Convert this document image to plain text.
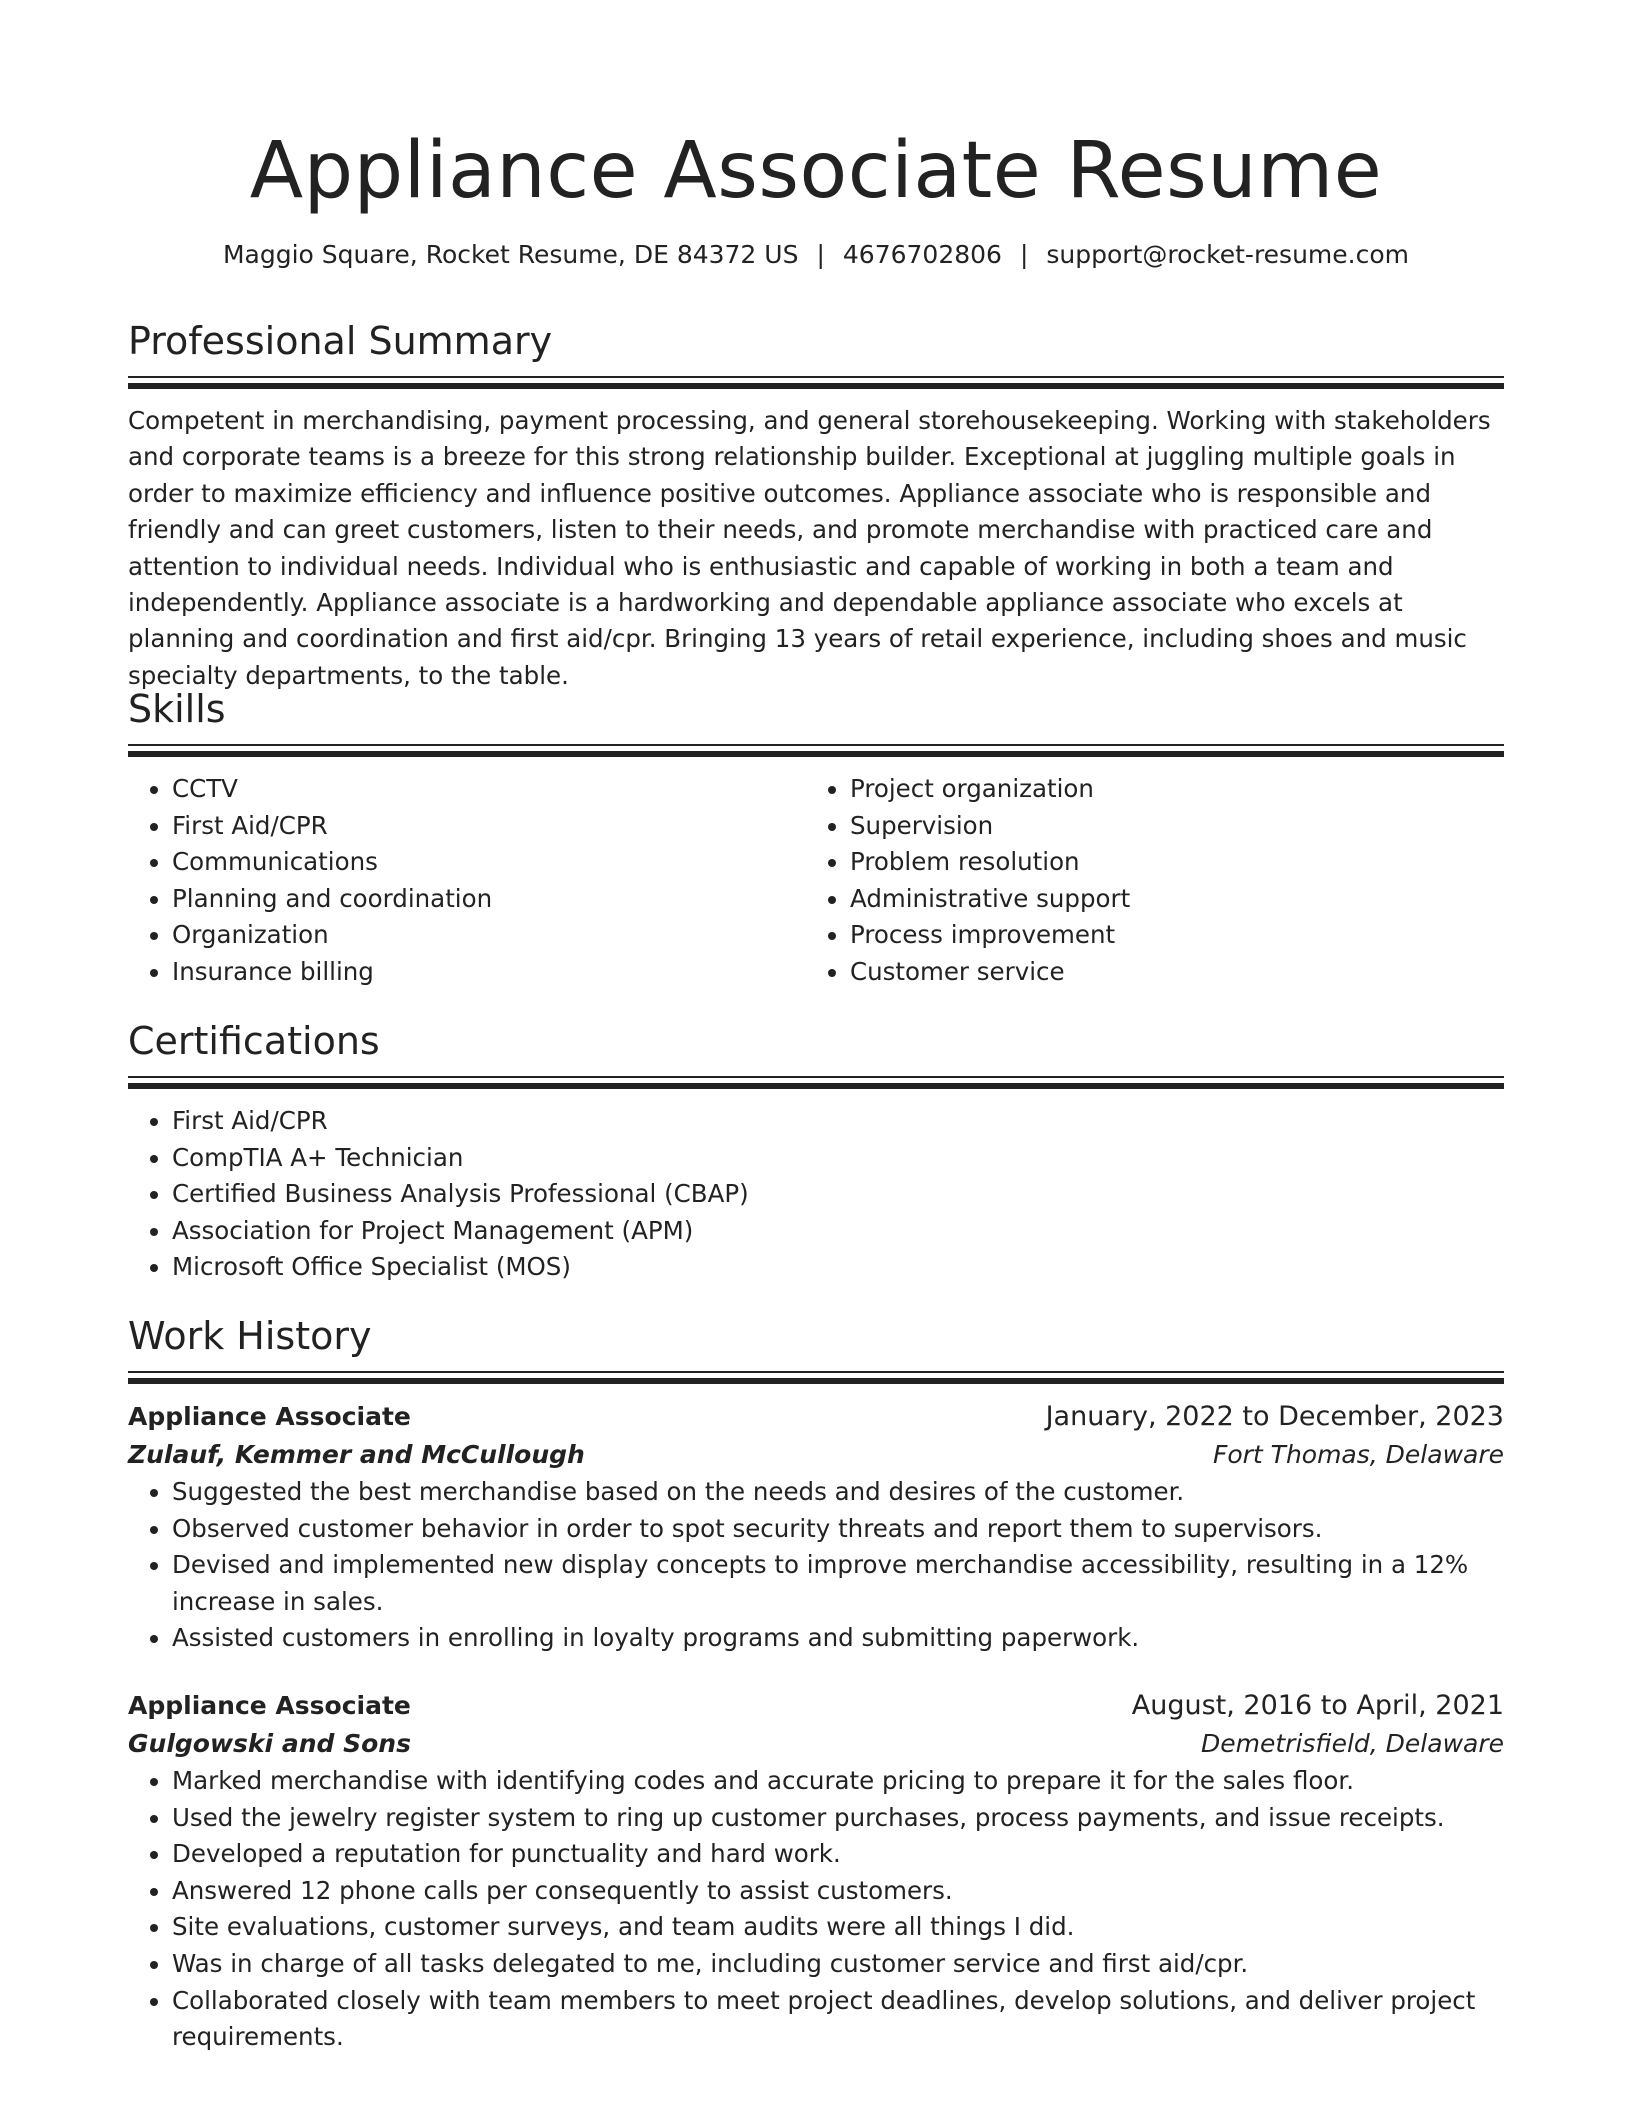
Appliance Associate Resume
Maggio Square, Rocket Resume, DE 84372 US | 4676702806 | support@rocket-resume.com
Professional Summary
Competent in merchandising, payment processing, and general storehousekeeping. Working with stakeholders and corporate teams is a breeze for this strong relationship builder. Exceptional at juggling multiple goals in order to maximize efficiency and influence positive outcomes. Appliance associate who is responsible and friendly and can greet customers, listen to their needs, and promote merchandise with practiced care and attention to individual needs. Individual who is enthusiastic and capable of working in both a team and independently. Appliance associate is a hardworking and dependable appliance associate who excels at planning and coordination and first aid/cpr. Bringing 13 years of retail experience, including shoes and music specialty departments, to the table.
Skills
• CCTV
• First Aid/CPR
• Communications
• Planning and coordination
• Organization
• Insurance billing
• Project organization
• Supervision
• Problem resolution
• Administrative support
• Process improvement
• Customer service
Certifications
• First Aid/CPR
• CompTIA A+ Technician
• Certified Business Analysis Professional (CBAP)
• Association for Project Management (APM)
• Microsoft Office Specialist (MOS)
Work History
Appliance Associate	January, 2022 to December, 2023
Zulauf, Kemmer and McCullough	Fort Thomas, Delaware
• Suggested the best merchandise based on the needs and desires of the customer.
• Observed customer behavior in order to spot security threats and report them to supervisors.
• Devised and implemented new display concepts to improve merchandise accessibility, resulting in a 12% increase in sales.
• Assisted customers in enrolling in loyalty programs and submitting paperwork.
Appliance Associate	August, 2016 to April, 2021
Gulgowski and Sons	Demetrisfield, Delaware
• Marked merchandise with identifying codes and accurate pricing to prepare it for the sales floor.
• Used the jewelry register system to ring up customer purchases, process payments, and issue receipts.
• Developed a reputation for punctuality and hard work.
• Answered 12 phone calls per consequently to assist customers.
• Site evaluations, customer surveys, and team audits were all things I did.
• Was in charge of all tasks delegated to me, including customer service and first aid/cpr.
• Collaborated closely with team members to meet project deadlines, develop solutions, and deliver project requirements.
